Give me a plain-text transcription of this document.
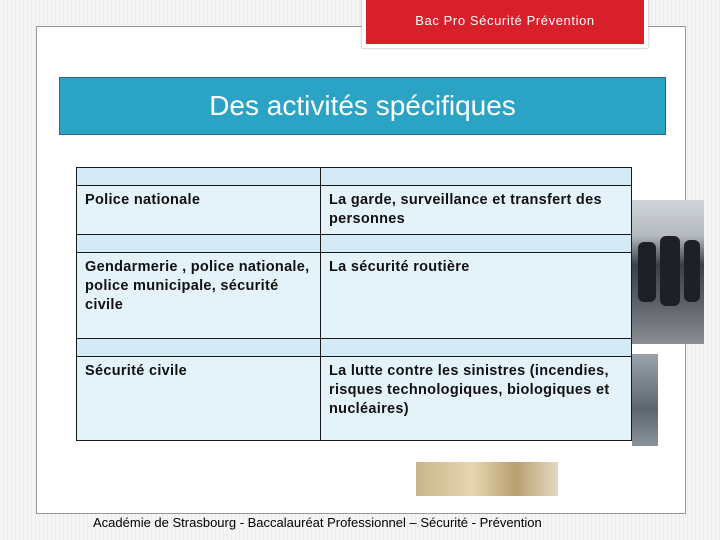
Bac Pro Sécurité Prévention
Des activités spécifiques

Police nationale	La garde, surveillance et transfert des personnes

Gendarmerie , police nationale, police municipale, sécurité civile	La sécurité routière

Sécurité civile	La lutte contre les sinistres (incendies, risques technologiques, biologiques et nucléaires)
Académie de Strasbourg - Baccalauréat Professionnel – Sécurité - Prévention
